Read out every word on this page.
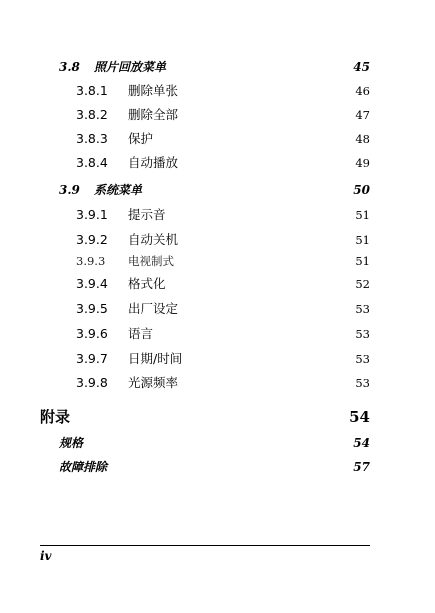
3.8	照片回放菜单	45
3.8.1	删除单张	46
3.8.2	删除全部	47
3.8.3	保护	48
3.8.4	自动播放	49
3.9	系统菜单	50
3.9.1	提示音	51
3.9.2	自动关机	51
3.9.3	电视制式	51
3.9.4	格式化	52
3.9.5	出厂设定	53
3.9.6	语言	53
3.9.7	日期/时间	53
3.9.8	光源频率	53
附录	54
规格	54
故障排除	57
iv
